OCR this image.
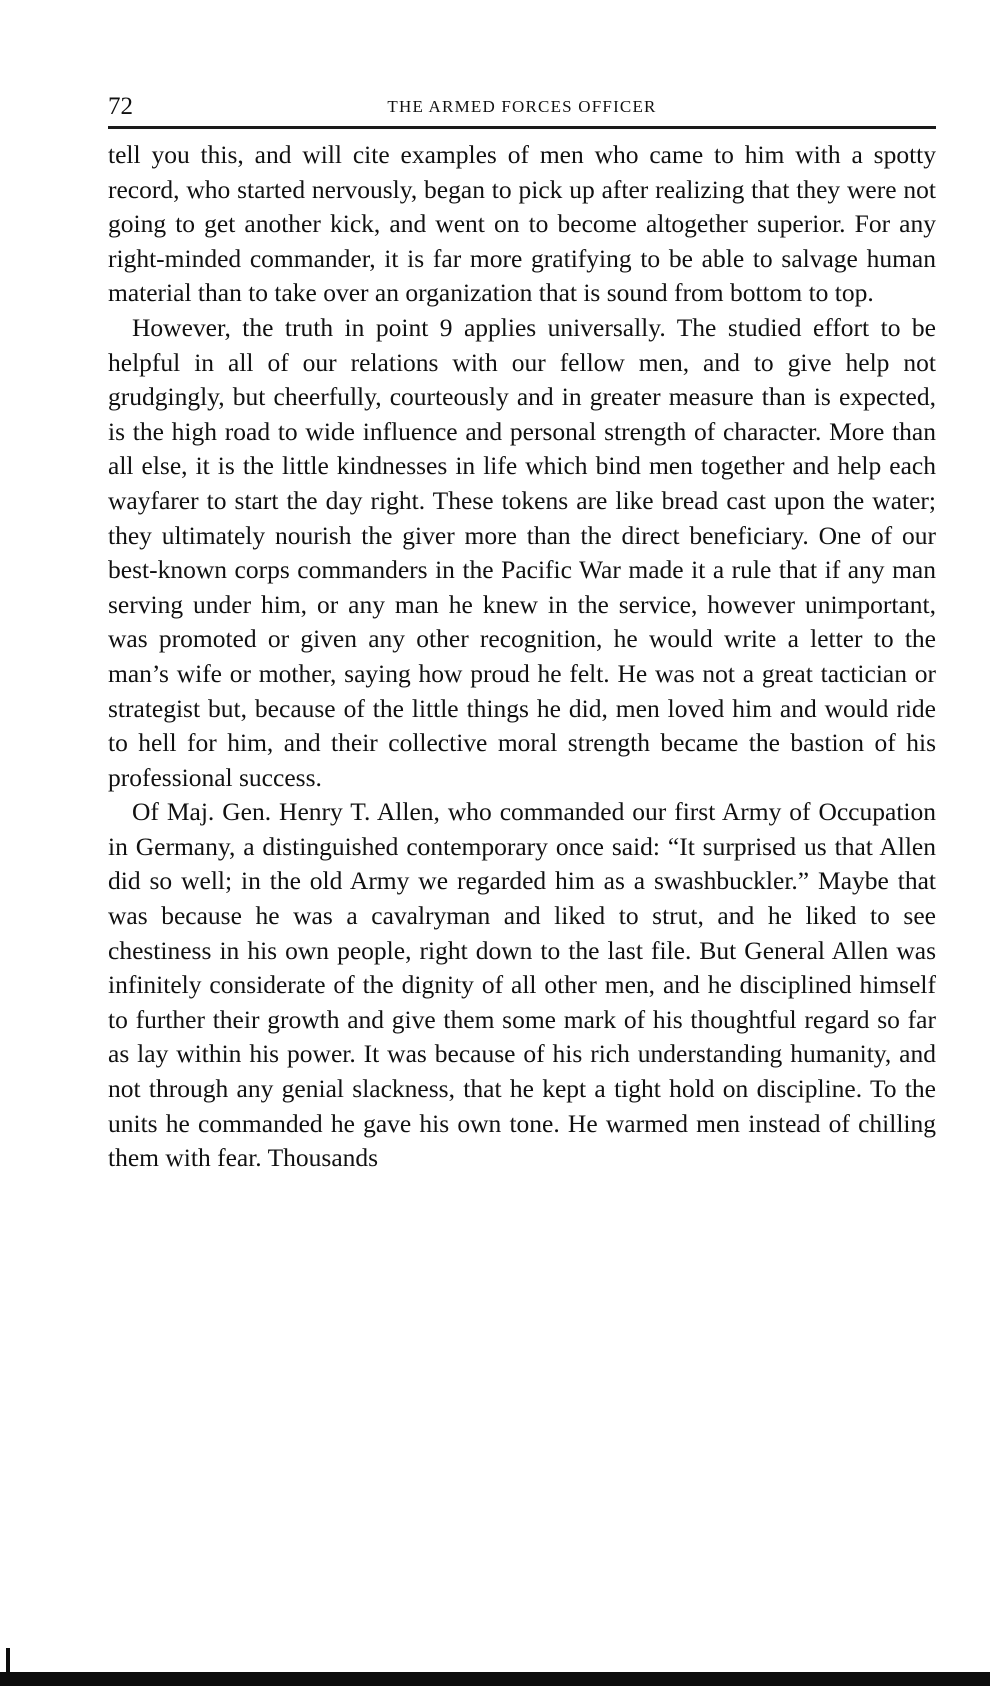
72	THE ARMED FORCES OFFICER

tell you this, and will cite examples of men who came to him with a spotty record, who started nervously, began to pick up after realizing that they were not going to get another kick, and went on to become altogether superior. For any right-minded commander, it is far more gratifying to be able to salvage human material than to take over an organization that is sound from bottom to top.

However, the truth in point 9 applies universally. The studied effort to be helpful in all of our relations with our fellow men, and to give help not grudgingly, but cheerfully, courteously and in greater measure than is expected, is the high road to wide influence and personal strength of character. More than all else, it is the little kindnesses in life which bind men together and help each wayfarer to start the day right. These tokens are like bread cast upon the water; they ultimately nourish the giver more than the direct beneficiary. One of our best-known corps commanders in the Pacific War made it a rule that if any man serving under him, or any man he knew in the service, however unimportant, was promoted or given any other recognition, he would write a letter to the man’s wife or mother, saying how proud he felt. He was not a great tactician or strategist but, because of the little things he did, men loved him and would ride to hell for him, and their collective moral strength became the bastion of his professional success.

Of Maj. Gen. Henry T. Allen, who commanded our first Army of Occupation in Germany, a distinguished contemporary once said: “It surprised us that Allen did so well; in the old Army we regarded him as a swashbuckler.” Maybe that was because he was a cavalryman and liked to strut, and he liked to see chestiness in his own people, right down to the last file. But General Allen was infinitely considerate of the dignity of all other men, and he disciplined himself to further their growth and give them some mark of his thoughtful regard so far as lay within his power. It was because of his rich understanding humanity, and not through any genial slackness, that he kept a tight hold on discipline. To the units he commanded he gave his own tone. He warmed men instead of chilling them with fear. Thousands
